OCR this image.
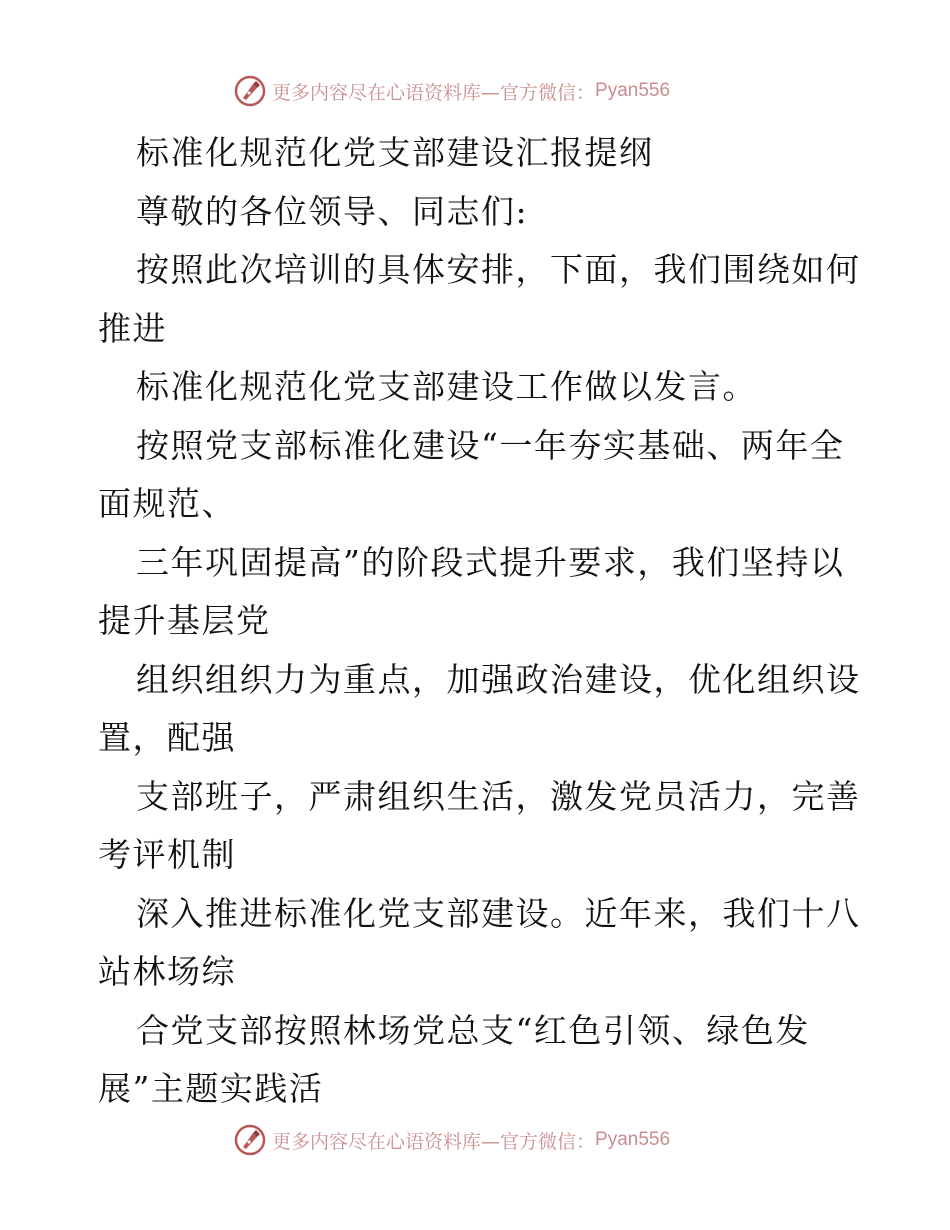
更多内容尽在心语资料库—官方微信： Pyan556
标准化规范化党支部建设汇报提纲
尊敬的各位领导、同志们:
按照此次培训的具体安排，下面，我们围绕如何
推进
标准化规范化党支部建设工作做以发言。
按照党支部标准化建设“一年夯实基础、两年全
面规范、
三年巩固提高”的阶段式提升要求，我们坚持以
提升基层党
组织组织力为重点，加强政治建设，优化组织设
置，配强
支部班子，严肃组织生活，激发党员活力，完善
考评机制
深入推进标准化党支部建设。近年来，我们十八
站林场综
合党支部按照林场党总支“红色引领、绿色发
展”主题实践活
更多内容尽在心语资料库—官方微信： Pyan556
